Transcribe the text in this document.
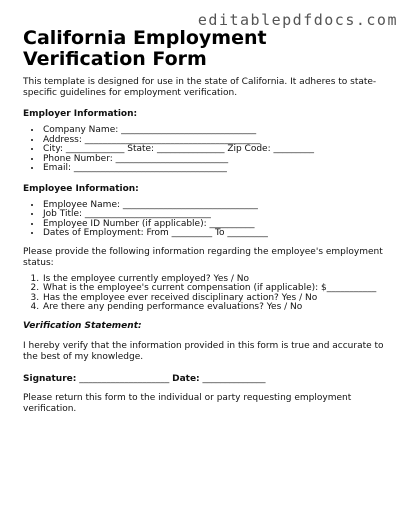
editablepdfdocs.com
California Employment Verification Form

This template is designed for use in the state of California. It adheres to state-specific guidelines for employment verification.

Employer Information:
• Company Name: ______________________________
• Address: _______________________________________
• City: _____________ State: _______________ Zip Code: _________
• Phone Number: _________________________
• Email: __________________________________
Employee Information:
• Employee Name: ______________________________
• Job Title: ____________________________
• Employee ID Number (if applicable): __________
• Dates of Employment: From _________ To _________

Please provide the following information regarding the employee's employment status:

1. Is the employee currently employed? Yes / No
2. What is the employee's current compensation (if applicable): $___________
3. Has the employee ever received disciplinary action? Yes / No
4. Are there any pending performance evaluations? Yes / No
Verification Statement:

I hereby verify that the information provided in this form is true and accurate to the best of my knowledge.

Signature: ____________________ Date: ______________

Please return this form to the individual or party requesting employment verification.
